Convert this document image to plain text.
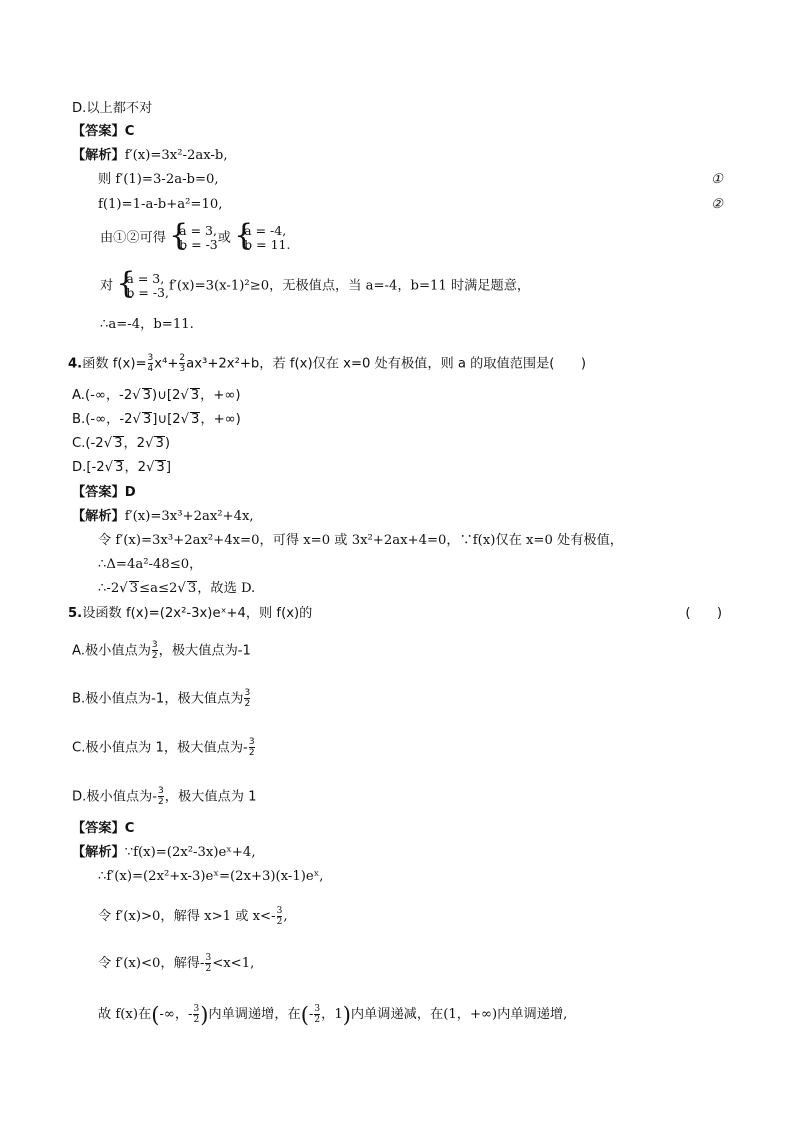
D.以上都不对
【答案】C
【解析】f′(x)=3x²-2ax-b,
则 f′(1)=3-2a-b=0,	①
f(1)=1-a-b+a²=10,	②
由①②可得 { a = 3,
b = -3 或 { a = -4,
b = 11.
对 { a = 3,
b = -3, f′(x)=3(x-1)²≥0，无极值点，当 a=-4，b=11 时满足题意，
∴a=-4，b=11.
4.函数 $f(x)= \frac{3}{4} x^4+ \frac{2}{3} ax^3+2x^2+b$，若 f(x)仅在 x=0 处有极值，则 a 的取值范围是(　　)
A.(-∞，-2√ 3)∪[2√ 3，+∞)
B.(-∞，-2√ 3]∪[2√ 3，+∞)
C.(-2√ 3，2√ 3)
D.[-2√ 3，2√ 3]
【答案】D
【解析】f′(x)=3x³+2ax²+4x,
令 f′(x)=3x³+2ax²+4x=0，可得 x=0 或 3x²+2ax+4=0，∵f(x)仅在 x=0 处有极值，
∴Δ=4a²-48≤0，
∴-2√ 3≤a≤2√ 3，故选 D.
5.设函数 f(x)=(2x²-3x)eˣ+4，则 f(x)的	(　　)
A.极小值点为 $\frac{3}{2}$ ，极大值点为-1
B.极小值点为-1，极大值点为 $\frac{3}{2}$
C.极小值点为 1，极大值点为- $\frac{3}{2}$
D.极小值点为- $\frac{3}{2}$ ，极大值点为 1
【答案】C
【解析】∵f(x)=(2x²-3x)eˣ+4,
∴f′(x)=(2x²+x-3)eˣ=(2x+3)(x-1)eˣ,
令 f′(x)>0，解得 x>1 或 $x<- \frac{3}{2}$ ,
令 f′(x)<0，解得- $\frac{3}{2} <x<1$,
故 f(x)在(-∞，- $\frac{3}{2}$ )内单调递增，在(- $\frac{3}{2}$ ，1)内单调递减，在(1，+∞)内单调递增,
